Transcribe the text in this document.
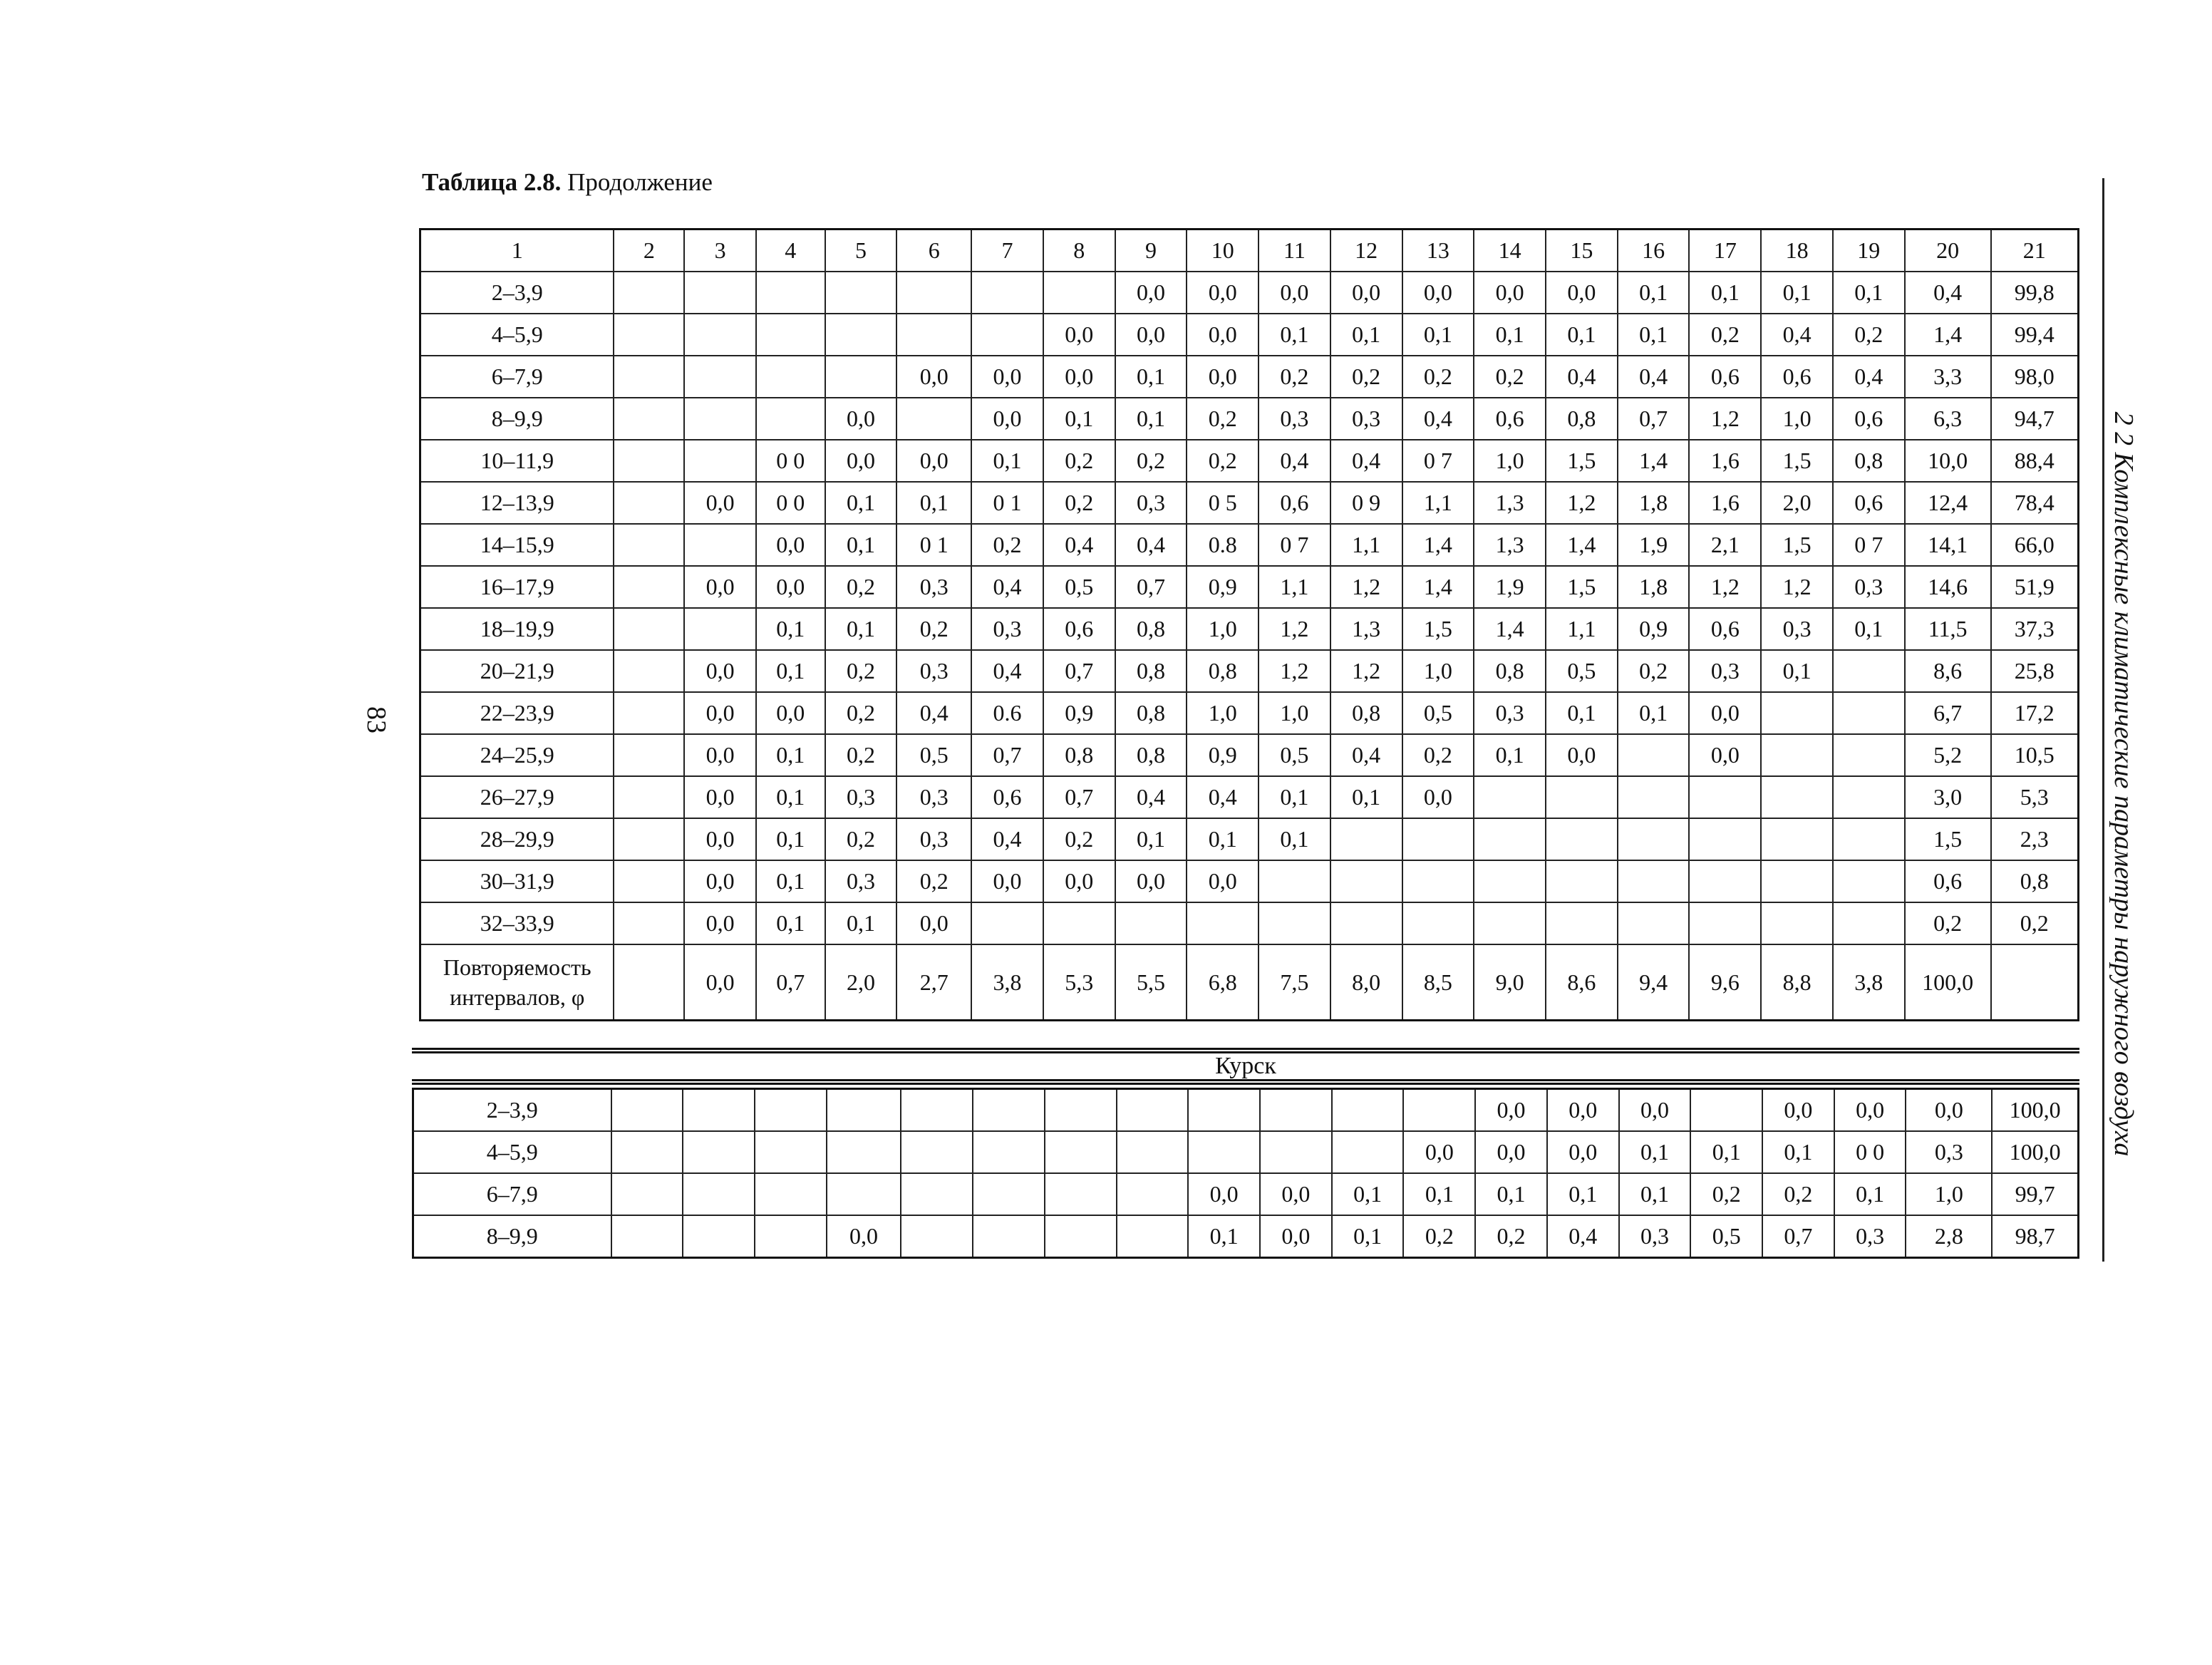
Таблица 2.8. Продолжение
83	2 2 Комплексные климатические параметры наружного воздуха
1	2	3	4	5	6	7	8	9	10	11	12	13	14	15	16	17	18	19	20	21
2–3,9								0,0	0,0	0,0	0,0	0,0	0,0	0,0	0,1	0,1	0,1	0,1	0,4	99,8
4–5,9							0,0	0,0	0,0	0,1	0,1	0,1	0,1	0,1	0,1	0,2	0,4	0,2	1,4	99,4
6–7,9					0,0	0,0	0,0	0,1	0,0	0,2	0,2	0,2	0,2	0,4	0,4	0,6	0,6	0,4	3,3	98,0
8–9,9				0,0		0,0	0,1	0,1	0,2	0,3	0,3	0,4	0,6	0,8	0,7	1,2	1,0	0,6	6,3	94,7
10–11,9			0 0	0,0	0,0	0,1	0,2	0,2	0,2	0,4	0,4	0 7	1,0	1,5	1,4	1,6	1,5	0,8	10,0	88,4
12–13,9		0,0	0 0	0,1	0,1	0 1	0,2	0,3	0 5	0,6	0 9	1,1	1,3	1,2	1,8	1,6	2,0	0,6	12,4	78,4
14–15,9			0,0	0,1	0 1	0,2	0,4	0,4	0.8	0 7	1,1	1,4	1,3	1,4	1,9	2,1	1,5	0 7	14,1	66,0
16–17,9		0,0	0,0	0,2	0,3	0,4	0,5	0,7	0,9	1,1	1,2	1,4	1,9	1,5	1,8	1,2	1,2	0,3	14,6	51,9
18–19,9			0,1	0,1	0,2	0,3	0,6	0,8	1,0	1,2	1,3	1,5	1,4	1,1	0,9	0,6	0,3	0,1	11,5	37,3
20–21,9		0,0	0,1	0,2	0,3	0,4	0,7	0,8	0,8	1,2	1,2	1,0	0,8	0,5	0,2	0,3	0,1		8,6	25,8
22–23,9		0,0	0,0	0,2	0,4	0.6	0,9	0,8	1,0	1,0	0,8	0,5	0,3	0,1	0,1	0,0			6,7	17,2
24–25,9		0,0	0,1	0,2	0,5	0,7	0,8	0,8	0,9	0,5	0,4	0,2	0,1	0,0		0,0			5,2	10,5
26–27,9		0,0	0,1	0,3	0,3	0,6	0,7	0,4	0,4	0,1	0,1	0,0							3,0	5,3
28–29,9		0,0	0,1	0,2	0,3	0,4	0,2	0,1	0,1	0,1									1,5	2,3
30–31,9		0,0	0,1	0,3	0,2	0,0	0,0	0,0	0,0										0,6	0,8
32–33,9		0,0	0,1	0,1	0,0														0,2	0,2

Повторяемость
интервалов, φ		0,0	0,7	2,0	2,7	3,8	5,3	5,5	6,8	7,5	8,0	8,5	9,0	8,6	9,4	9,6	8,8	3,8	100,0	
Курск
2–3,9													0,0	0,0	0,0		0,0	0,0	0,0	100,0
4–5,9												0,0	0,0	0,0	0,1	0,1	0,1	0 0	0,3	100,0
6–7,9									0,0	0,0	0,1	0,1	0,1	0,1	0,1	0,2	0,2	0,1	1,0	99,7
8–9,9				0,0					0,1	0,0	0,1	0,2	0,2	0,4	0,3	0,5	0,7	0,3	2,8	98,7
